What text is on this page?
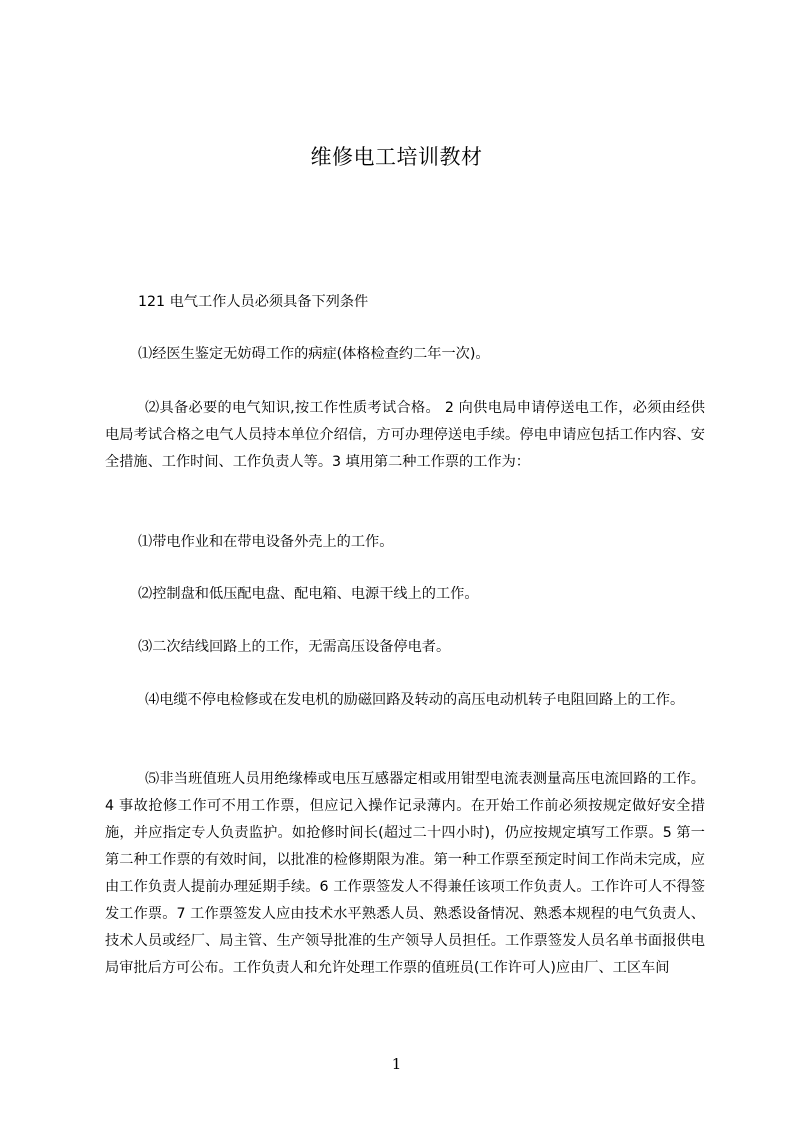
维修电工培训教材
121 电气工作人员必须具备下列条件
⑴经医生鉴定无妨碍工作的病症(体格检查约二年一次)。
⑵具备必要的电气知识,按工作性质考试合格。 2 向供电局申请停送电工作，必须由经供电局考试合格之电气人员持本单位介绍信，方可办理停送电手续。停电申请应包括工作内容、安全措施、工作时间、工作负责人等。3 填用第二种工作票的工作为：
⑴带电作业和在带电设备外壳上的工作。
⑵控制盘和低压配电盘、配电箱、电源干线上的工作。
⑶二次结线回路上的工作，无需高压设备停电者。
⑷电缆不停电检修或在发电机的励磁回路及转动的高压电动机转子电阻回路上的工作。
⑸非当班值班人员用绝缘棒或电压互感器定相或用钳型电流表测量高压电流回路的工作。4 事故抢修工作可不用工作票，但应记入操作记录薄内。在开始工作前必须按规定做好安全措施，并应指定专人负责监护。如抢修时间长(超过二十四小时)，仍应按规定填写工作票。5 第一第二种工作票的有效时间，以批准的检修期限为准。第一种工作票至预定时间工作尚未完成，应由工作负责人提前办理延期手续。6 工作票签发人不得兼任该项工作负责人。工作许可人不得签发工作票。7 工作票签发人应由技术水平熟悉人员、熟悉设备情况、熟悉本规程的电气负责人、技术人员或经厂、局主管、生产领导批准的生产领导人员担任。工作票签发人员名单书面报供电局审批后方可公布。工作负责人和允许处理工作票的值班员(工作许可人)应由厂、工区车间
1
